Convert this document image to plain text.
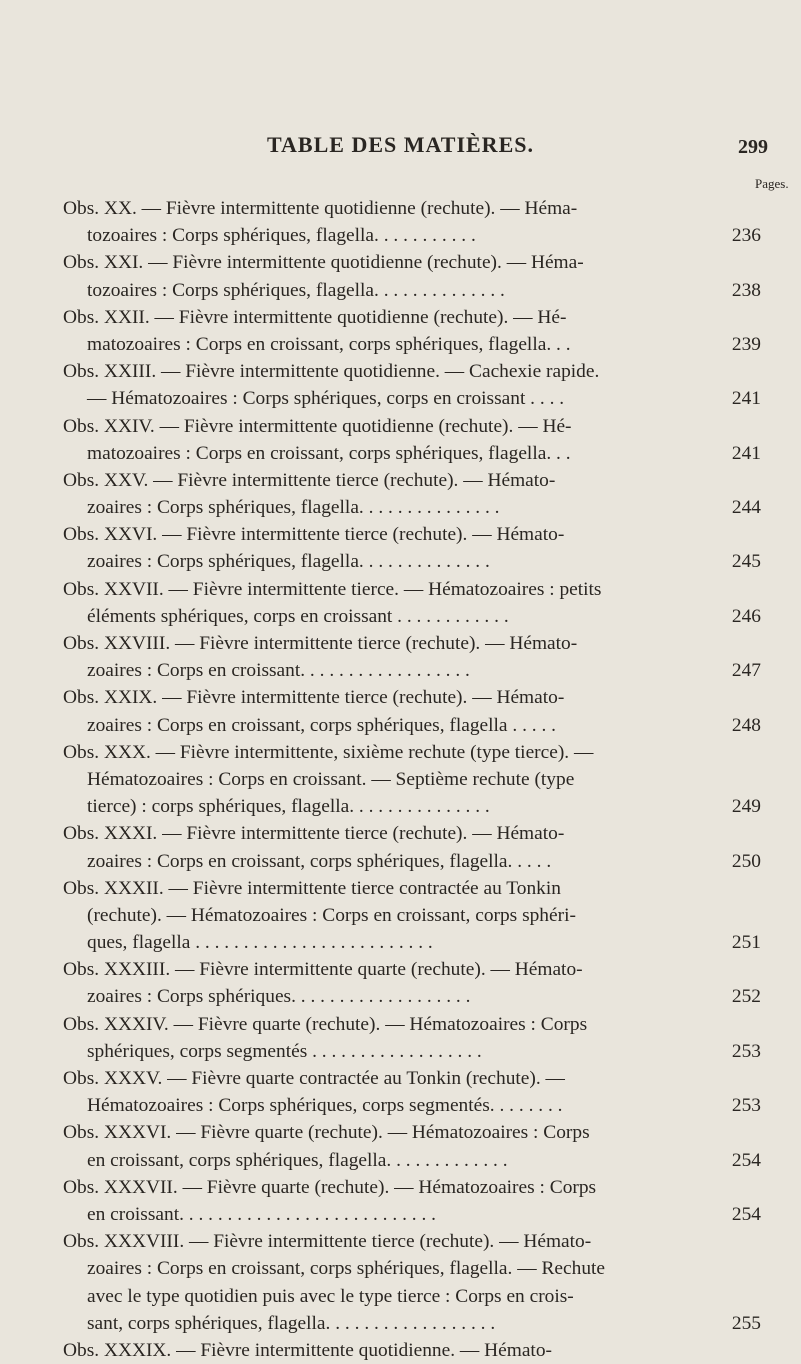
TABLE DES MATIÈRES.	299
Pages.
Obs. XX. — Fièvre intermittente quotidienne (rechute). — Héma-
tozoaires : Corps sphériques, flagella. . . . . . . . . . .	236
Obs. XXI. — Fièvre intermittente quotidienne (rechute). — Héma-
tozoaires : Corps sphériques, flagella. . . . . . . . . . . . . .	238
Obs. XXII. — Fièvre intermittente quotidienne (rechute). — Hé-
matozoaires : Corps en croissant, corps sphériques, flagella. . .	239
Obs. XXIII. — Fièvre intermittente quotidienne. — Cachexie rapide.
— Hématozoaires : Corps sphériques, corps en croissant . . . .	241
Obs. XXIV. — Fièvre intermittente quotidienne (rechute). — Hé-
matozoaires : Corps en croissant, corps sphériques, flagella. . .	241
Obs. XXV. — Fièvre intermittente tierce (rechute). — Hémato-
zoaires : Corps sphériques, flagella. . . . . . . . . . . . . . .	244
Obs. XXVI. — Fièvre intermittente tierce (rechute). — Hémato-
zoaires : Corps sphériques, flagella. . . . . . . . . . . . . .	245
Obs. XXVII. — Fièvre intermittente tierce. — Hématozoaires : petits
éléments sphériques, corps en croissant . . . . . . . . . . . .	246
Obs. XXVIII. — Fièvre intermittente tierce (rechute). — Hémato-
zoaires : Corps en croissant. . . . . . . . . . . . . . . . . .	247
Obs. XXIX. — Fièvre intermittente tierce (rechute). — Hémato-
zoaires : Corps en croissant, corps sphériques, flagella . . . . .	248
Obs. XXX. — Fièvre intermittente, sixième rechute (type tierce). —
Hématozoaires : Corps en croissant. — Septième rechute (type
tierce) : corps sphériques, flagella. . . . . . . . . . . . . . .	249
Obs. XXXI. — Fièvre intermittente tierce (rechute). — Hémato-
zoaires : Corps en croissant, corps sphériques, flagella. . . . .	250
Obs. XXXII. — Fièvre intermittente tierce contractée au Tonkin
(rechute). — Hématozoaires : Corps en croissant, corps sphéri-
ques, flagella . . . . . . . . . . . . . . . . . . . . . . . . .	251
Obs. XXXIII. — Fièvre intermittente quarte (rechute). — Hémato-
zoaires : Corps sphériques. . . . . . . . . . . . . . . . . . .	252
Obs. XXXIV. — Fièvre quarte (rechute). — Hématozoaires : Corps
sphériques, corps segmentés . . . . . . . . . . . . . . . . . .	253
Obs. XXXV. — Fièvre quarte contractée au Tonkin (rechute). —
Hématozoaires : Corps sphériques, corps segmentés. . . . . . . .	253
Obs. XXXVI. — Fièvre quarte (rechute). — Hématozoaires : Corps
en croissant, corps sphériques, flagella. . . . . . . . . . . . .	254
Obs. XXXVII. — Fièvre quarte (rechute). — Hématozoaires : Corps
en croissant. . . . . . . . . . . . . . . . . . . . . . . . . . .	254
Obs. XXXVIII. — Fièvre intermittente tierce (rechute). — Hémato-
zoaires : Corps en croissant, corps sphériques, flagella. — Rechute
avec le type quotidien puis avec le type tierce : Corps en crois-
sant, corps sphériques, flagella. . . . . . . . . . . . . . . . . .	255
Obs. XXXIX. — Fièvre intermittente quotidienne. — Hémato-
